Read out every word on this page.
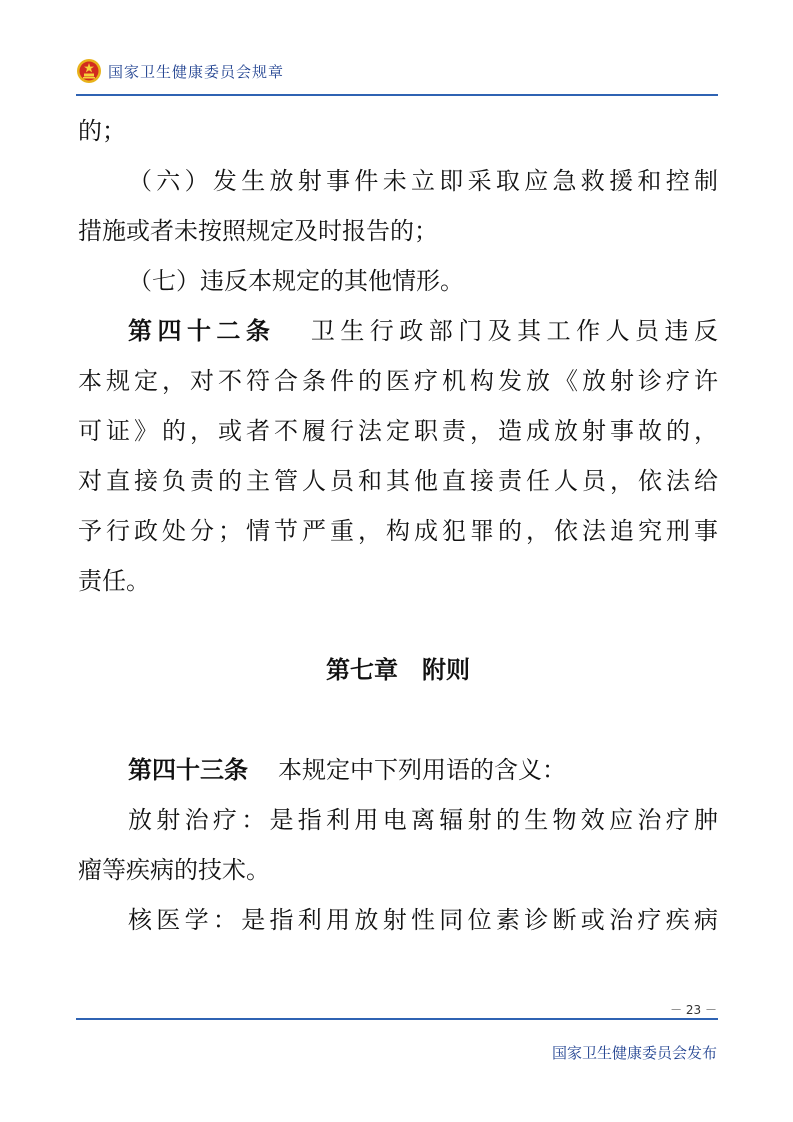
国家卫生健康委员会规章
的；
（六）发生放射事件未立即采取应急救援和控制
措施或者未按照规定及时报告的；
（七）违反本规定的其他情形。
第四十二条 卫生行政部门及其工作人员违反
本规定，对不符合条件的医疗机构发放《放射诊疗许
可证》的，或者不履行法定职责，造成放射事故的，
对直接负责的主管人员和其他直接责任人员，依法给
予行政处分；情节严重，构成犯罪的，依法追究刑事
责任。
第七章　附则
第四十三条 本规定中下列用语的含义：
放射治疗：是指利用电离辐射的生物效应治疗肿
瘤等疾病的技术。
核医学：是指利用放射性同位素诊断或治疗疾病
－ 23 －
国家卫生健康委员会发布
